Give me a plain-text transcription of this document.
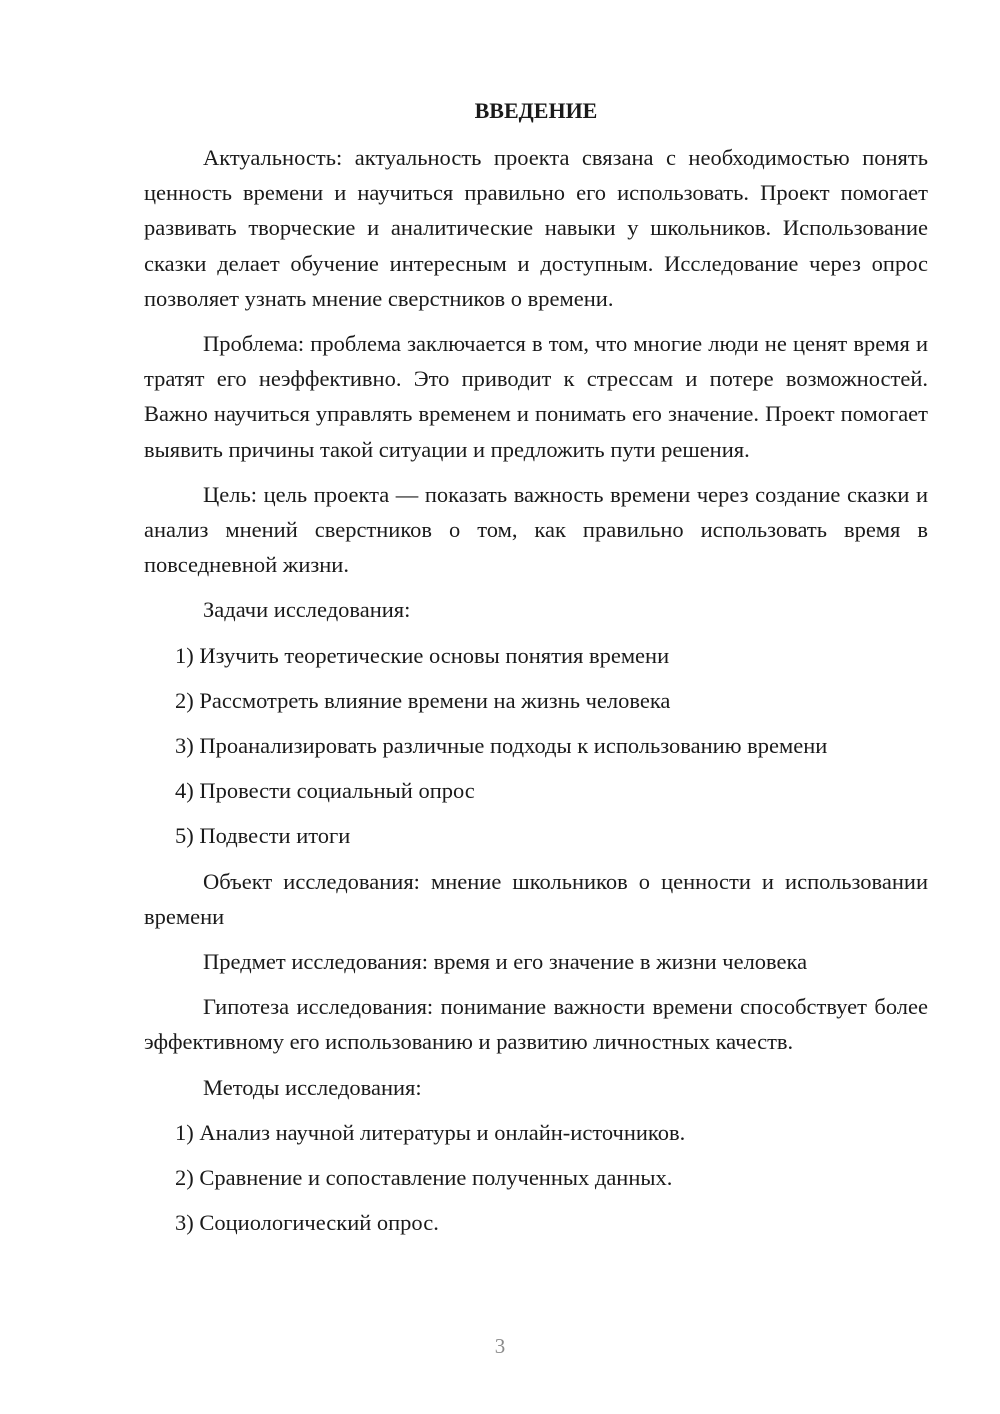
ВВЕДЕНИЕ

Актуальность: актуальность проекта связана с необходимостью понять ценность времени и научиться правильно его использовать. Проект помогает развивать творческие и аналитические навыки у школьников. Использование сказки делает обучение интересным и доступным. Исследование через опрос позволяет узнать мнение сверстников о времени.

Проблема: проблема заключается в том, что многие люди не ценят время и тратят его неэффективно. Это приводит к стрессам и потере возможностей. Важно научиться управлять временем и понимать его значение. Проект помогает выявить причины такой ситуации и предложить пути решения.

Цель: цель проекта — показать важность времени через создание сказки и анализ мнений сверстников о том, как правильно использовать время в повседневной жизни.

Задачи исследования:

1) Изучить теоретические основы понятия времени
2) Рассмотреть влияние времени на жизнь человека
3) Проанализировать различные подходы к использованию времени
4) Провести социальный опрос
5) Подвести итоги

Объект исследования: мнение школьников о ценности и использовании времени

Предмет исследования: время и его значение в жизни человека

Гипотеза исследования: понимание важности времени способствует более эффективному его использованию и развитию личностных качеств.

Методы исследования:

1) Анализ научной литературы и онлайн-источников.
2) Сравнение и сопоставление полученных данных.
3) Социологический опрос.
3
